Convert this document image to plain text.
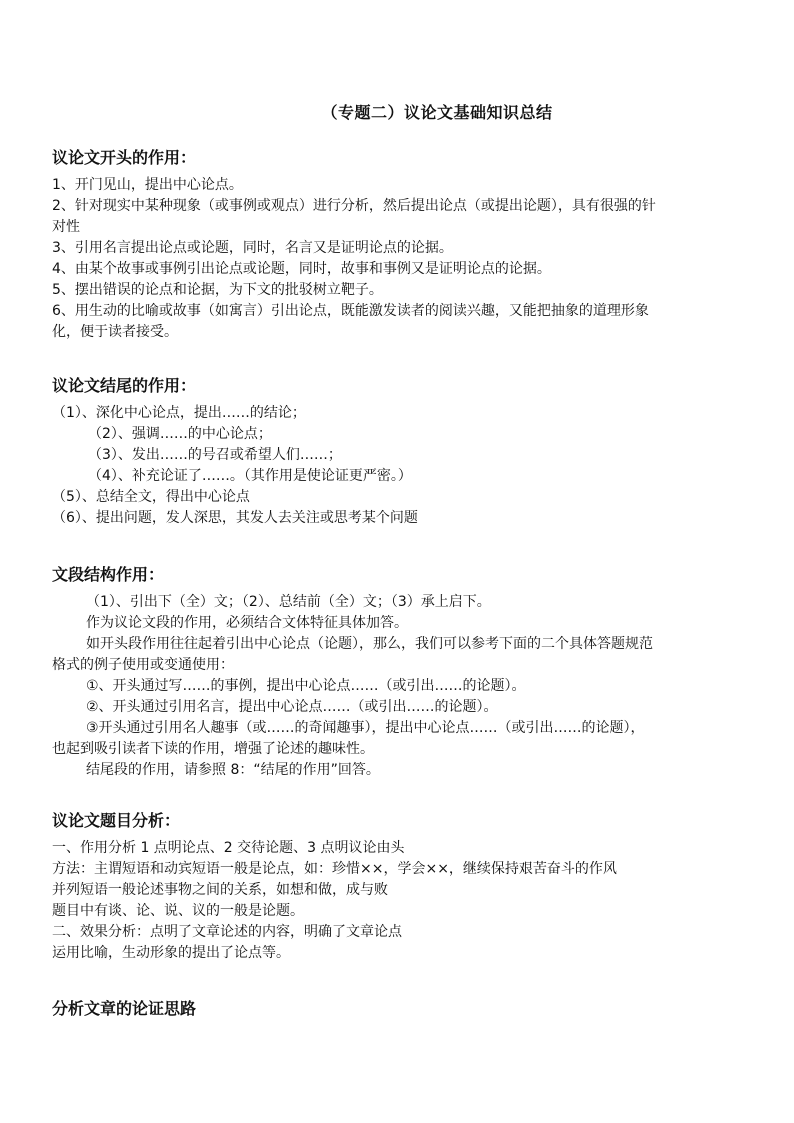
（专题二）议论文基础知识总结
议论文开头的作用：
1、开门见山，提出中心论点。
2、针对现实中某种现象（或事例或观点）进行分析，然后提出论点（或提出论题），具有很强的针
对性
3、引用名言提出论点或论题，同时，名言又是证明论点的论据。
4、由某个故事或事例引出论点或论题，同时，故事和事例又是证明论点的论据。
5、摆出错误的论点和论据，为下文的批驳树立靶子。
6、用生动的比喻或故事（如寓言）引出论点，既能激发读者的阅读兴趣，又能把抽象的道理形象
化，便于读者接受。
议论文结尾的作用：
（1）、深化中心论点，提出……的结论；
（2）、强调……的中心论点；
（3）、发出……的号召或希望人们……；
（4）、补充论证了……。（其作用是使论证更严密。）
（5）、总结全文，得出中心论点
（6）、提出问题，发人深思，其发人去关注或思考某个问题
文段结构作用：
（1）、引出下（全）文；（2）、总结前（全）文；（3）承上启下。
作为议论文段的作用，必须结合文体特征具体加答。
如开头段作用往往起着引出中心论点（论题），那么，我们可以参考下面的二个具体答题规范
格式的例子使用或变通使用：
①、开头通过写……的事例，提出中心论点……（或引出……的论题）。
②、开头通过引用名言，提出中心论点……（或引出……的论题）。
③开头通过引用名人趣事（或……的奇闻趣事），提出中心论点……（或引出……的论题），
也起到吸引读者下读的作用，增强了论述的趣味性。
结尾段的作用，请参照 8：“结尾的作用”回答。
议论文题目分析：
一、作用分析 1 点明论点、2 交待论题、3 点明议论由头
方法：主谓短语和动宾短语一般是论点，如：珍惜××，学会××，继续保持艰苦奋斗的作风
并列短语一般论述事物之间的关系，如想和做，成与败
题目中有谈、论、说、议的一般是论题。
二、效果分析：点明了文章论述的内容，明确了文章论点
运用比喻，生动形象的提出了论点等。
分析文章的论证思路
